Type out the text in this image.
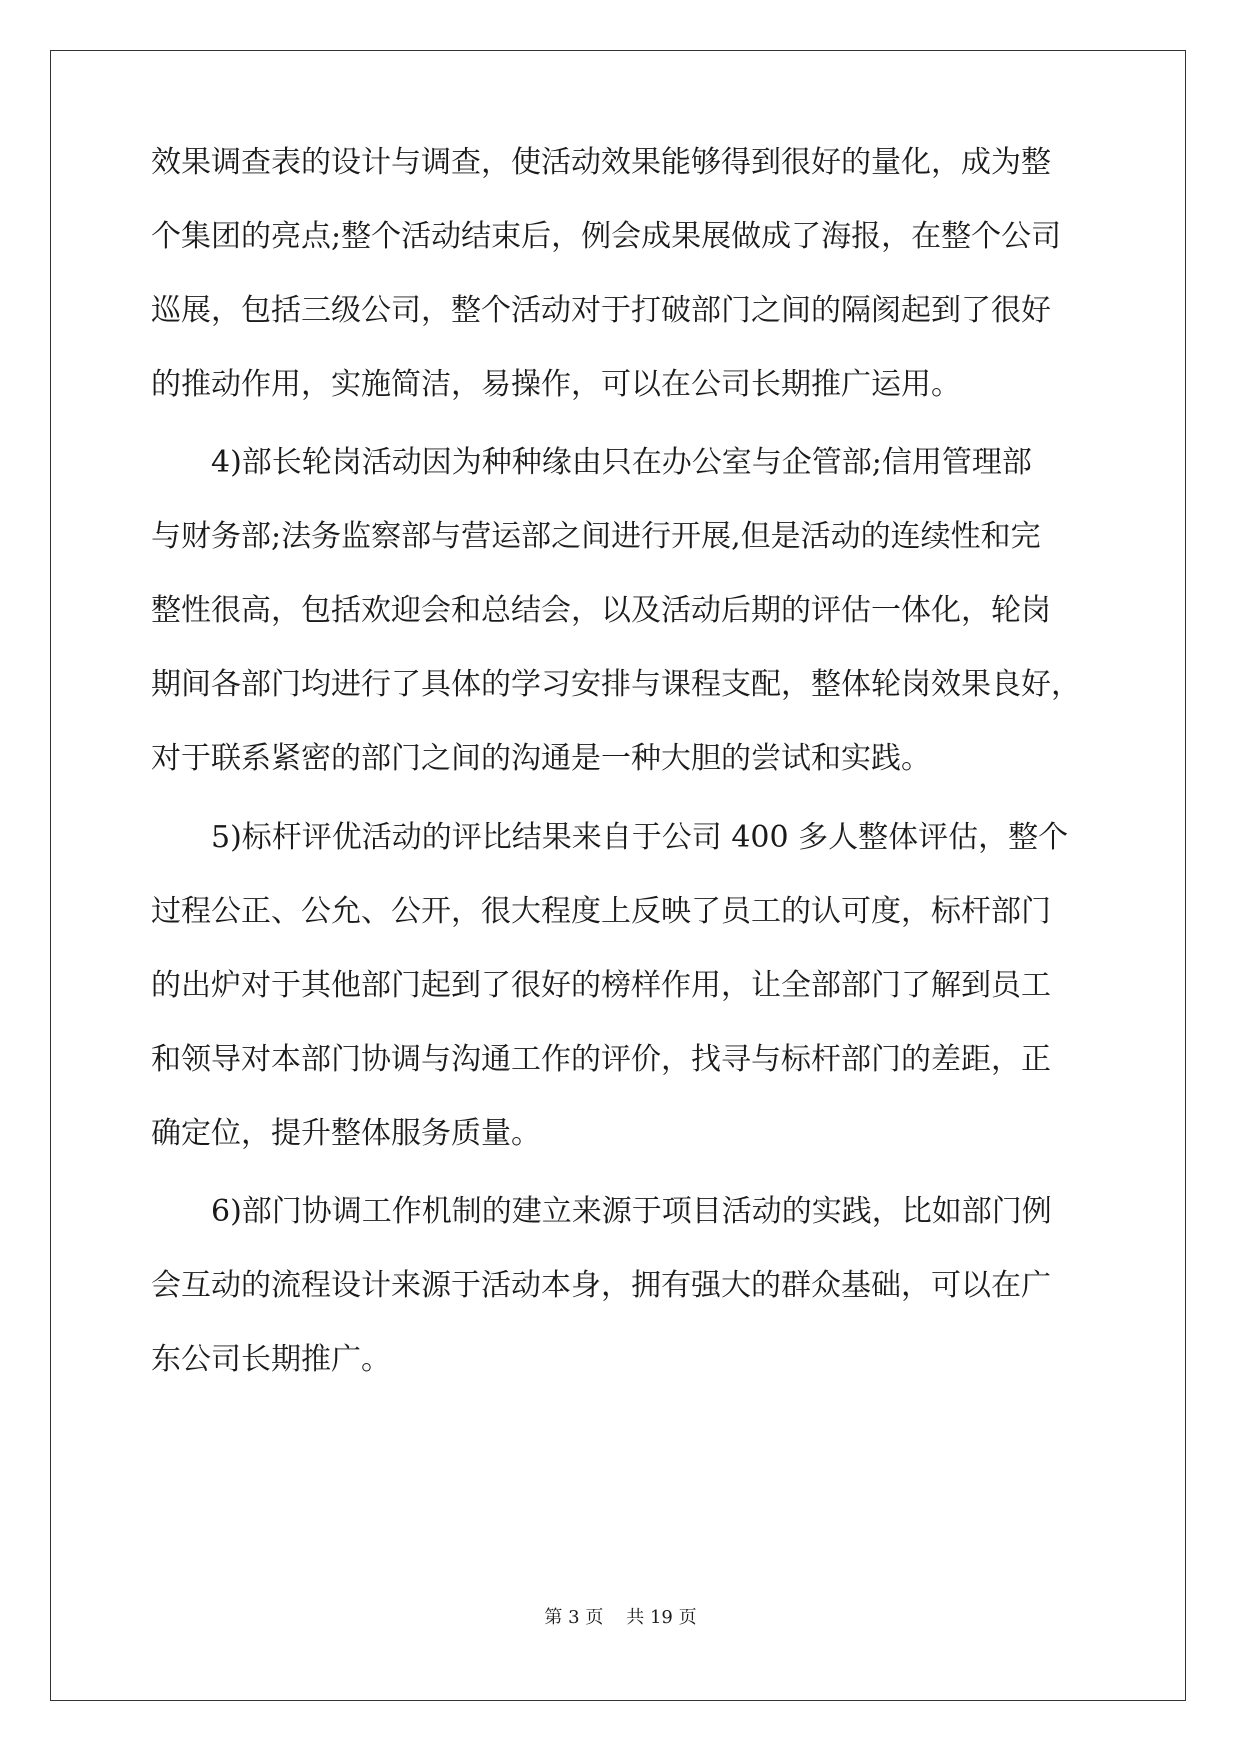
效果调查表的设计与调查，使活动效果能够得到很好的量化，成为整
个集团的亮点;整个活动结束后，例会成果展做成了海报，在整个公司
巡展，包括三级公司，整个活动对于打破部门之间的隔阂起到了很好
的推动作用，实施简洁，易操作，可以在公司长期推广运用。
4)部长轮岗活动因为种种缘由只在办公室与企管部;信用管理部
与财务部;法务监察部与营运部之间进行开展,但是活动的连续性和完
整性很高，包括欢迎会和总结会，以及活动后期的评估一体化，轮岗
期间各部门均进行了具体的学习安排与课程支配，整体轮岗效果良好，
对于联系紧密的部门之间的沟通是一种大胆的尝试和实践。
5)标杆评优活动的评比结果来自于公司 400 多人整体评估，整个
过程公正、公允、公开，很大程度上反映了员工的认可度，标杆部门
的出炉对于其他部门起到了很好的榜样作用，让全部部门了解到员工
和领导对本部门协调与沟通工作的评价，找寻与标杆部门的差距，正
确定位，提升整体服务质量。
6)部门协调工作机制的建立来源于项目活动的实践，比如部门例
会互动的流程设计来源于活动本身，拥有强大的群众基础，可以在广
东公司长期推广。
第 3 页 共 19 页
